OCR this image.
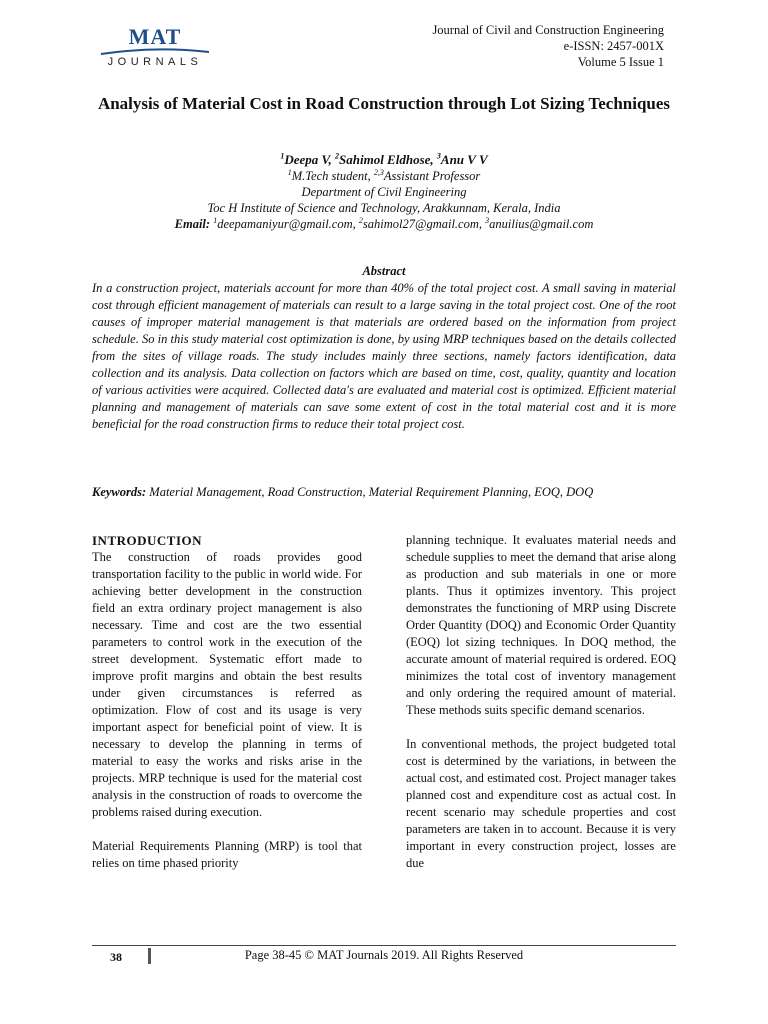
MAT
JOURNALS
Journal of Civil and Construction Engineering
e-ISSN: 2457-001X
Volume 5 Issue 1
Analysis of Material Cost in Road Construction through Lot Sizing Techniques
$^1$Deepa V, $^2$Sahimol Eldhose, $^3$Anu V V
$^1$M.Tech student, $^{2,3}$Assistant Professor
Department of Civil Engineering
Toc H Institute of Science and Technology, Arakkunnam, Kerala, India
Email: $^1$deepamaniyur@gmail.com, $^2$sahimol27@gmail.com, $^3$anuilius@gmail.com
Abstract
In a construction project, materials account for more than 40% of the total project cost. A small saving in material cost through efficient management of materials can result to a large saving in the total project cost. One of the root causes of improper material management is that materials are ordered based on the information from project schedule. So in this study material cost optimization is done, by using MRP techniques based on the details collected from the sites of village roads. The study includes mainly three sections, namely factors identification, data collection and its analysis. Data collection on factors which are based on time, cost, quality, quantity and location of various activities were acquired. Collected data's are evaluated and material cost is optimized. Efficient material planning and management of materials can save some extent of cost in the total material cost and it is more beneficial for the road construction firms to reduce their total project cost.
Keywords: Material Management, Road Construction, Material Requirement Planning, EOQ, DOQ
INTRODUCTION

The construction of roads provides good transportation facility to the public in world wide. For achieving better development in the construction field an extra ordinary project management is also necessary. Time and cost are the two essential parameters to control work in the execution of the street development. Systematic effort made to improve profit margins and obtain the best results under given circumstances is referred as optimization. Flow of cost and its usage is very important aspect for beneficial point of view. It is necessary to develop the planning in terms of material to easy the works and risks arise in the projects. MRP technique is used for the material cost analysis in the construction of roads to overcome the problems raised during execution.

Material Requirements Planning (MRP) is tool that relies on time phased priority

planning technique. It evaluates material needs and schedule supplies to meet the demand that arise along as production and sub materials in one or more plants. Thus it optimizes inventory. This project demonstrates the functioning of MRP using Discrete Order Quantity (DOQ) and Economic Order Quantity (EOQ) lot sizing techniques. In DOQ method, the accurate amount of material required is ordered. EOQ minimizes the total cost of inventory management and only ordering the required amount of material. These methods suits specific demand scenarios.

In conventional methods, the project budgeted total cost is determined by the variations, in between the actual cost, and estimated cost. Project manager takes planned cost and expenditure cost as actual cost. In recent scenario may schedule properties and cost parameters are taken in to account. Because it is very important in every construction project, losses are due

38	Page 38-45 © MAT Journals 2019. All Rights Reserved
